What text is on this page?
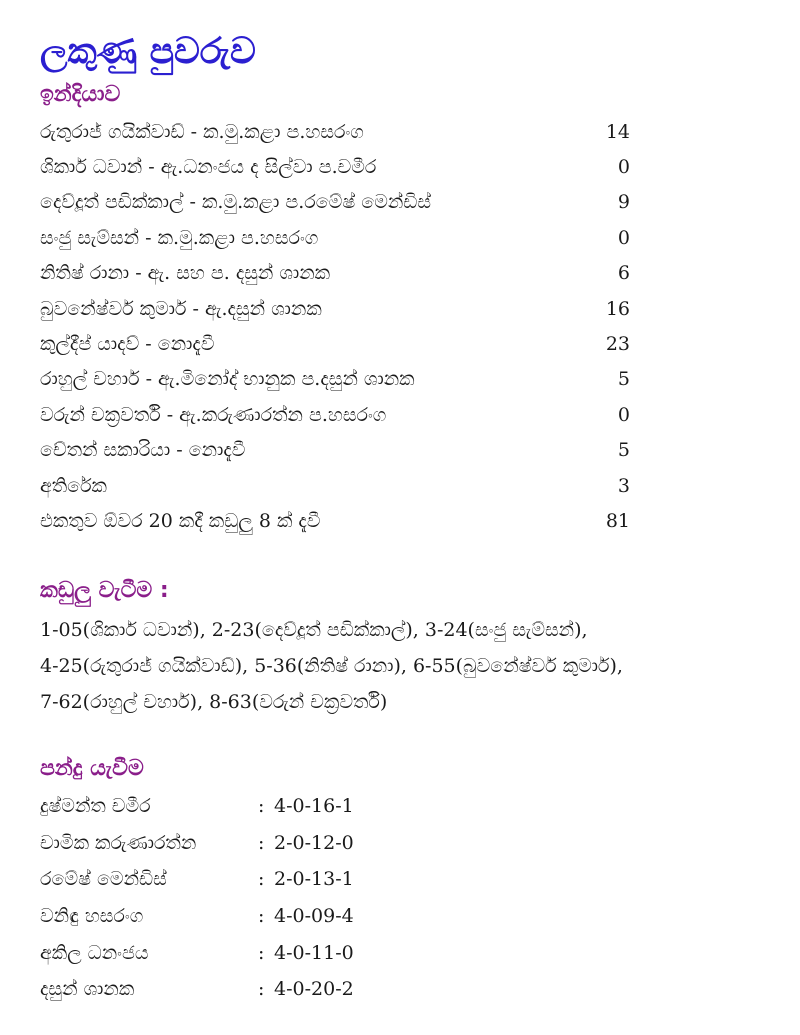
ලකුණු පුවරුව
ඉන්දියාව
රුතුරාජ් ගයික්වාඩ් - ක.මු.කළා ප.හසරංග	14
ශිකාර් ධවාන් - ඇ.ධනංජය ද සිල්වා ප.චමීර	0
දෙව්දූත් පඩික්කාල් - ක.මු.කළා ප.රමේෂ් මෙන්ඩිස්	9
සංජු සැම්සන් - ක.මු.කළා ප.හසරංග	0
නිතිෂ් රානා - ඇ. සහ ප. දසුන් ශානක	6
බුවනේෂ්වර් කුමාර් - ඇ.දසුන් ශානක	16
කුල්දීප් යාදව් - නොදැවී	23
රාහුල් චහාර් - ඇ.මිනෝද් භානුක ප.දසුන් ශානක	5
වරුන් චක්‍රවර්ති - ඇ.කරුණාරත්න ප.හසරංග	0
චේතන් සකාරියා - නොදැවී	5
අතිරේක	3
එකතුව ඕවර 20 කදී කඩුලු 8 ක් දැවී	81
කඩුලු වැටීම :

1-05(ශිකාර් ධවාන්), 2-23(දෙව්දූත් පඩික්කාල්), 3-24(සංජු සැම්සන්),
4-25(රුතුරාජ් ගයික්වාඩ්), 5-36(නිතිෂ් රානා), 6-55(බුවනේෂ්වර් කුමාර්),
7-62(රාහුල් චහාර්), 8-63(වරුන් චක්‍රවර්ති)

පන්දු යැවීම
දුෂ්මන්ත චමීර	: 4-0-16-1
චාමික කරුණාරත්න	: 2-0-12-0
රමේෂ් මෙන්ඩිස්	: 2-0-13-1
වනිඳු හසරංග	: 4-0-09-4
අකිල ධනංජය	: 4-0-11-0
දසුන් ශානක	: 4-0-20-2
